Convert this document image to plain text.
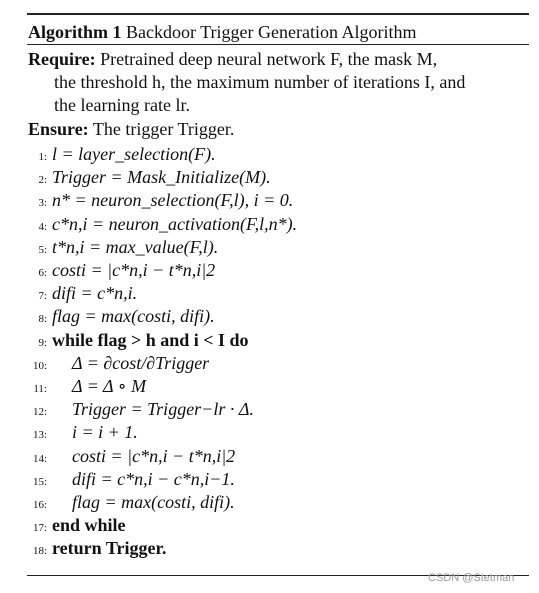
Algorithm 1 Backdoor Trigger Generation Algorithm
Require: Pretrained deep neural network F, the mask M,
the threshold h, the maximum number of iterations I, and
the learning rate lr.
Ensure: The trigger Trigger.
1: l = layer_selection(F).
2: Trigger = Mask_Initialize(M).
3: n* = neuron_selection(F,l), i = 0.
4: c*n,i = neuron_activation(F,l,n*).
5: t*n,i = max_value(F,l).
6: costi = |c*n,i − t*n,i|2
7: difi = c*n,i.
8: flag = max(costi, difi).
9: while flag > h and i < I do
10: Δ = ∂cost/∂Trigger
11: Δ = Δ ∘ M
12: Trigger = Trigger−lr · Δ.
13: i = i + 1.
14: costi = |c*n,i − t*n,i|2
15: difi = c*n,i − c*n,i−1.
16: flag = max(costi, difi).
17: end while
18: return Trigger.
CSDN @Stetman
